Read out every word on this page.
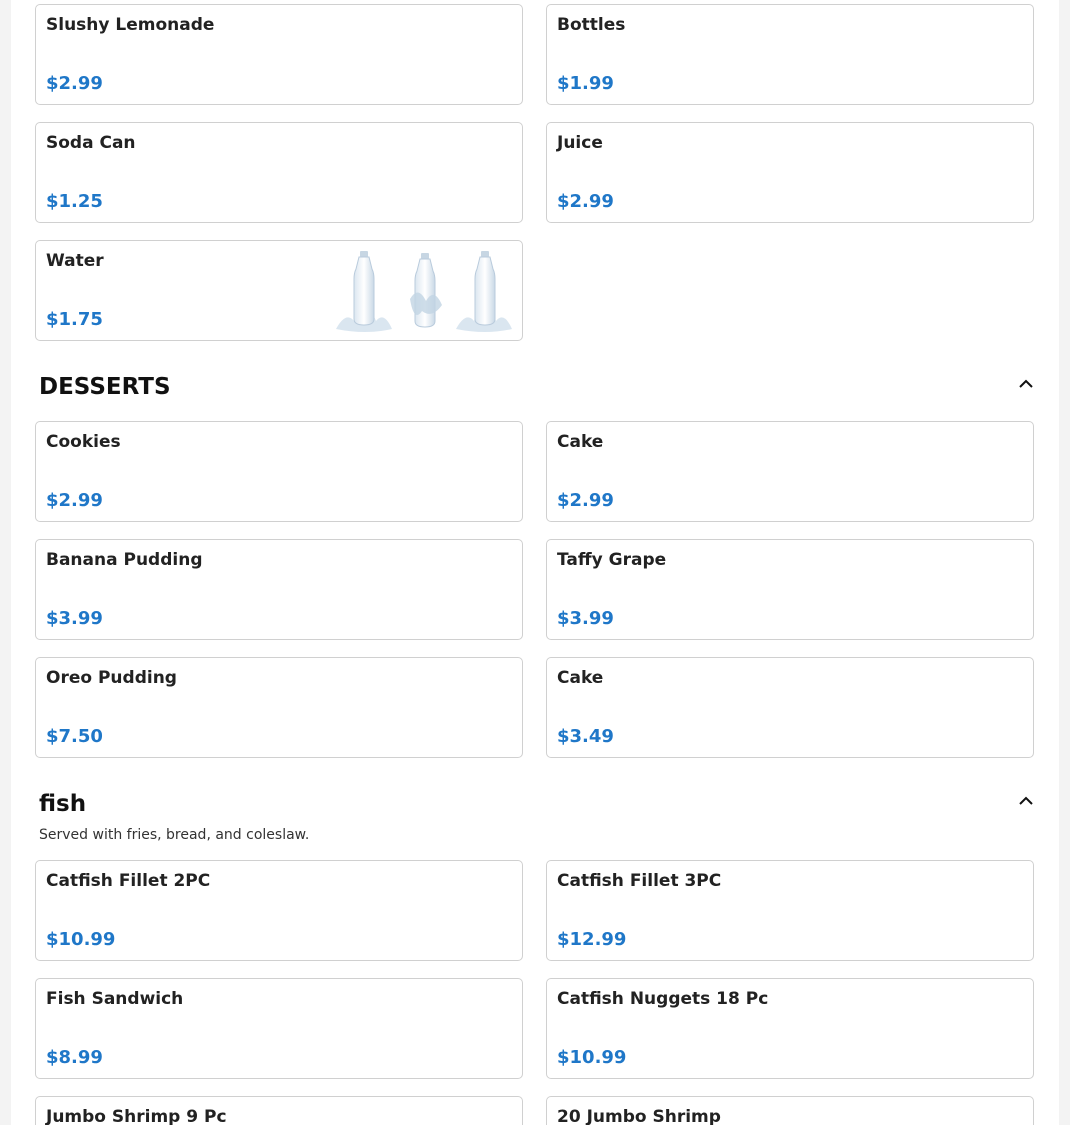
Slushy Lemonade
$2.99
Bottles
$1.99
Soda Can
$1.25
Juice
$2.99
Water
$1.75
DESSERTS
Cookies
$2.99
Cake
$2.99
Banana Pudding
$3.99
Taffy Grape
$3.99
Oreo Pudding
$7.50
Cake
$3.49
fish
Served with fries, bread, and coleslaw.
Catfish Fillet 2PC
$10.99
Catfish Fillet 3PC
$12.99
Fish Sandwich
$8.99
Catfish Nuggets 18 Pc
$10.99
Jumbo Shrimp 9 Pc	20 Jumbo Shrimp
